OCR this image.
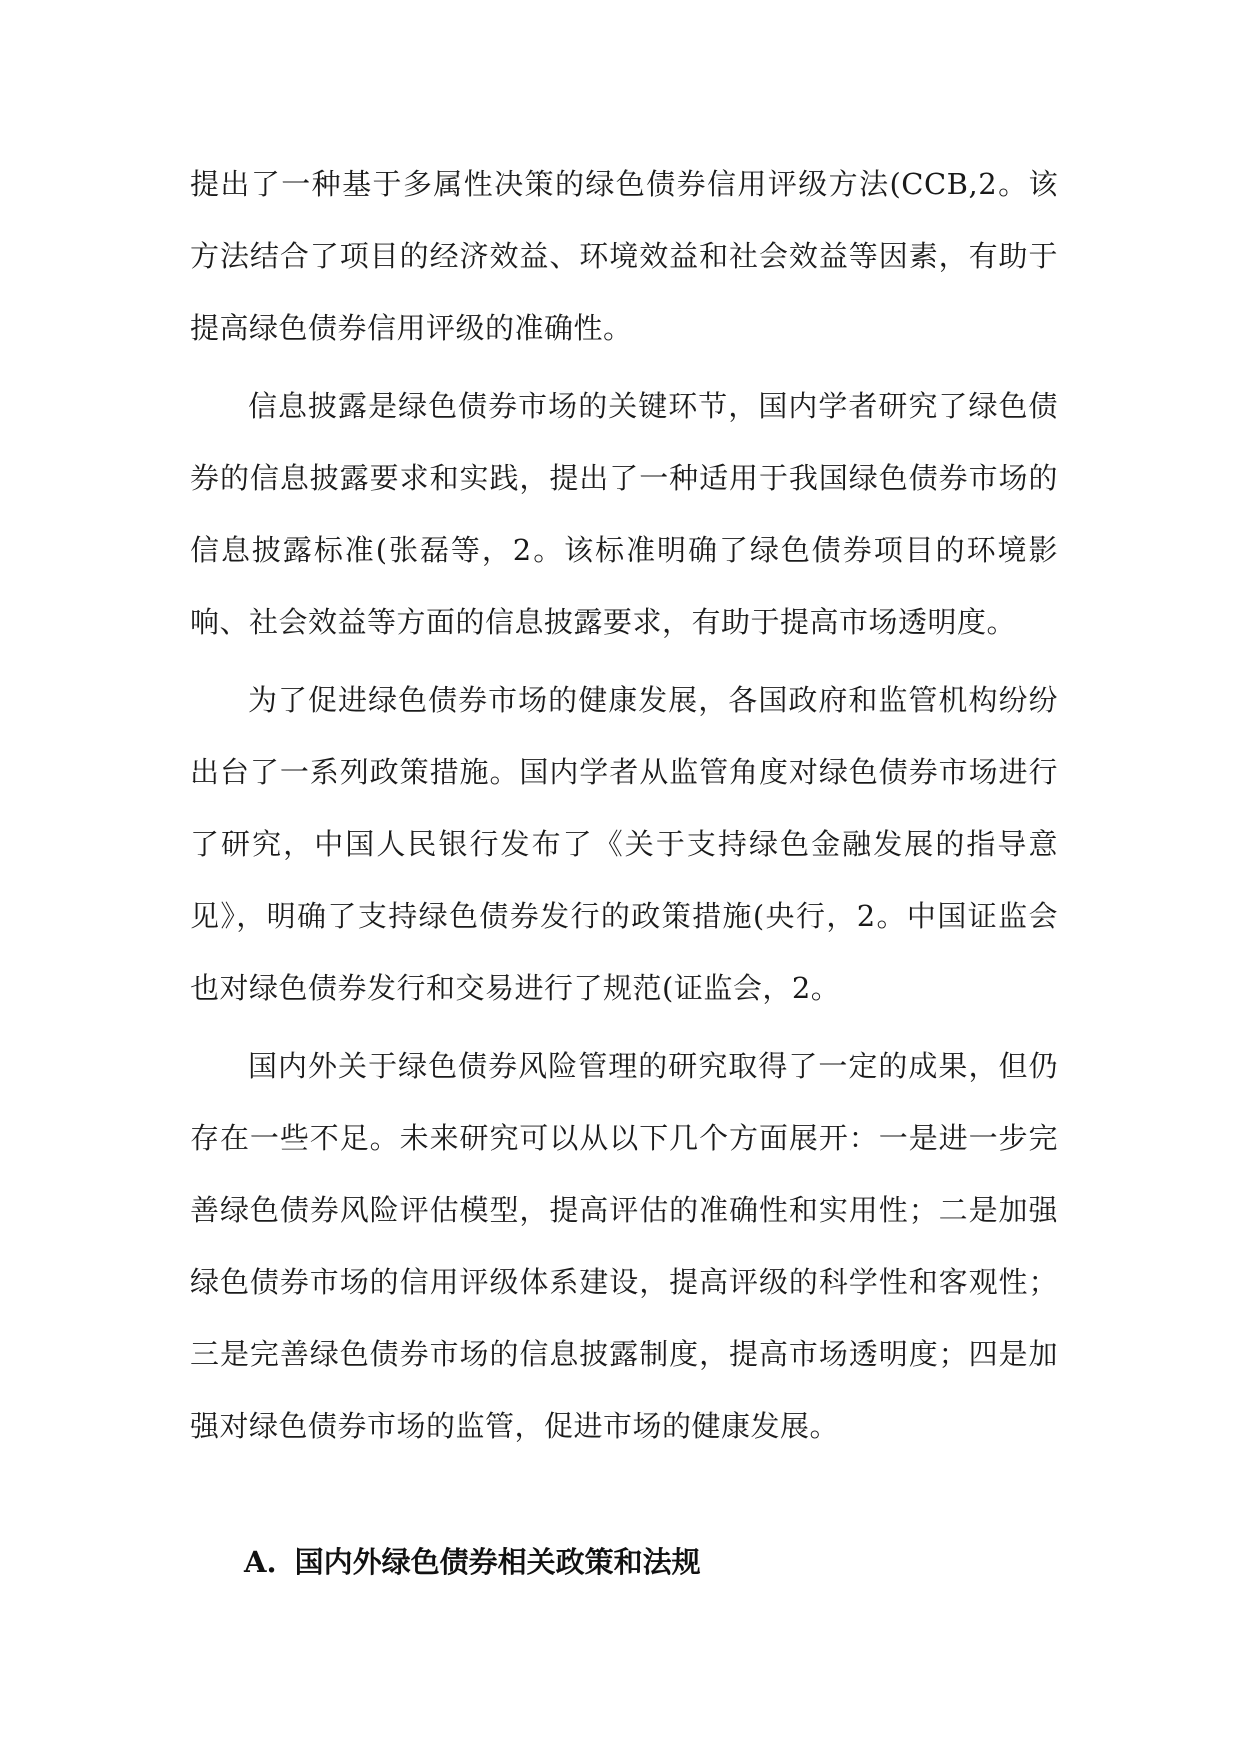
提出了一种基于多属性决策的绿色债券信用评级方法(CCB,2。该方法结合了项目的经济效益、环境效益和社会效益等因素，有助于提高绿色债券信用评级的准确性。

信息披露是绿色债券市场的关键环节，国内学者研究了绿色债券的信息披露要求和实践，提出了一种适用于我国绿色债券市场的信息披露标准(张磊等，2。该标准明确了绿色债券项目的环境影响、社会效益等方面的信息披露要求，有助于提高市场透明度。

为了促进绿色债券市场的健康发展，各国政府和监管机构纷纷出台了一系列政策措施。国内学者从监管角度对绿色债券市场进行了研究，中国人民银行发布了《关于支持绿色金融发展的指导意见》，明确了支持绿色债券发行的政策措施(央行，2。中国证监会也对绿色债券发行和交易进行了规范(证监会，2。

国内外关于绿色债券风险管理的研究取得了一定的成果，但仍存在一些不足。未来研究可以从以下几个方面展开：一是进一步完善绿色债券风险评估模型，提高评估的准确性和实用性；二是加强绿色债券市场的信用评级体系建设，提高评级的科学性和客观性；三是完善绿色债券市场的信息披露制度，提高市场透明度；四是加强对绿色债券市场的监管，促进市场的健康发展。

A. 国内外绿色债券相关政策和法规
